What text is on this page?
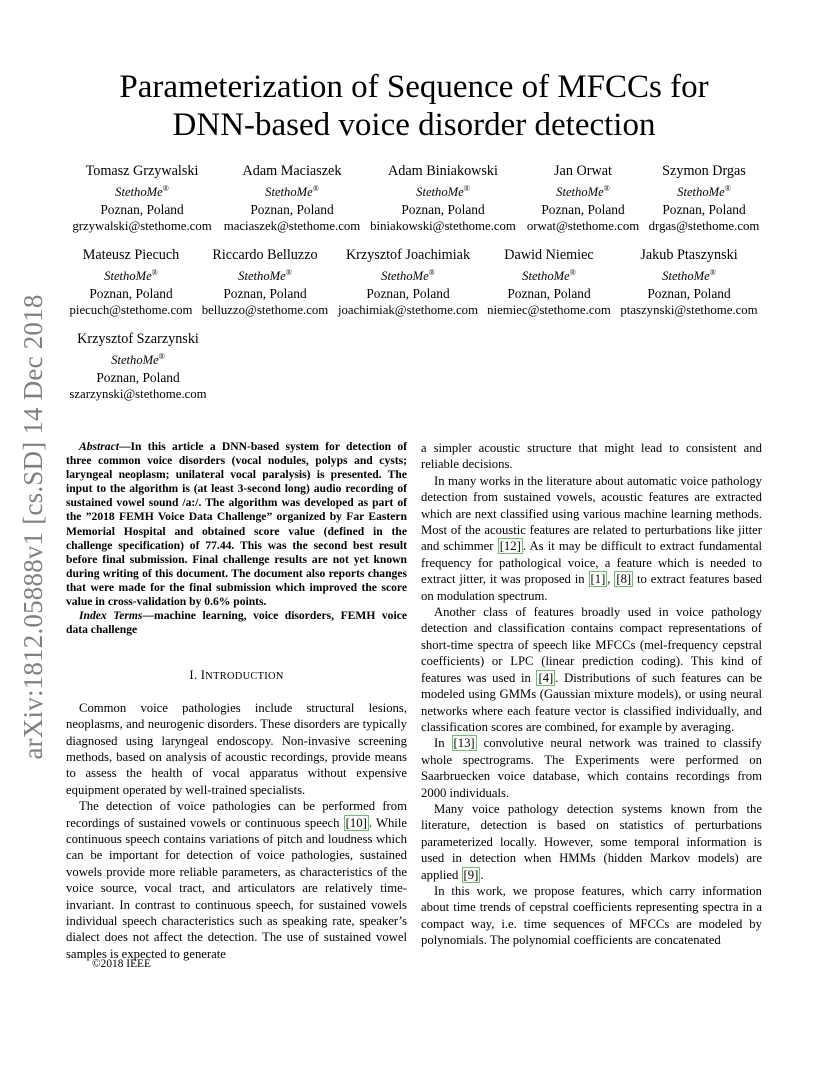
arXiv:1812.05888v1 [cs.SD] 14 Dec 2018
Parameterization of Sequence of MFCCs for
DNN-based voice disorder detection
Tomasz Grzywalski
StethoMe®
Poznan, Poland
grzywalski@stethome.com
Adam Maciaszek
StethoMe®
Poznan, Poland
maciaszek@stethome.com
Adam Biniakowski
StethoMe®
Poznan, Poland
biniakowski@stethome.com
Jan Orwat
StethoMe®
Poznan, Poland
orwat@stethome.com
Szymon Drgas
StethoMe®
Poznan, Poland
drgas@stethome.com
Mateusz Piecuch
StethoMe®
Poznan, Poland
piecuch@stethome.com
Riccardo Belluzzo
StethoMe®
Poznan, Poland
belluzzo@stethome.com
Krzysztof Joachimiak
StethoMe®
Poznan, Poland
joachimiak@stethome.com
Dawid Niemiec
StethoMe®
Poznan, Poland
niemiec@stethome.com
Jakub Ptaszynski
StethoMe®
Poznan, Poland
ptaszynski@stethome.com
Krzysztof Szarzynski
StethoMe®
Poznan, Poland
szarzynski@stethome.com

Abstract—In this article a DNN-based system for detection of three common voice disorders (vocal nodules, polyps and cysts; laryngeal neoplasm; unilateral vocal paralysis) is presented. The input to the algorithm is (at least 3-second long) audio recording of sustained vowel sound /a:/. The algorithm was developed as part of the ”2018 FEMH Voice Data Challenge” organized by Far Eastern Memorial Hospital and obtained score value (defined in the challenge specification) of 77.44. This was the second best result before final submission. Final challenge results are not yet known during writing of this document. The document also reports changes that were made for the final submission which improved the score value in cross-validation by 0.6% points.

Index Terms—machine learning, voice disorders, FEMH voice data challenge

I. INTRODUCTION

Common voice pathologies include structural lesions, neoplasms, and neurogenic disorders. These disorders are typically diagnosed using laryngeal endoscopy. Non-invasive screening methods, based on analysis of acoustic recordings, provide means to assess the health of vocal apparatus without expensive equipment operated by well-trained specialists.

The detection of voice pathologies can be performed from recordings of sustained vowels or continuous speech [10] . While continuous speech contains variations of pitch and loudness which can be important for detection of voice pathologies, sustained vowels provide more reliable parameters, as characteristics of the voice source, vocal tract, and articulators are relatively time-invariant. In contrast to continuous speech, for sustained vowels individual speech characteristics such as speaking rate, speaker’s dialect does not affect the detection. The use of sustained vowel samples is expected to generate

a simpler acoustic structure that might lead to consistent and reliable decisions.

In many works in the literature about automatic voice pathology detection from sustained vowels, acoustic features are extracted which are next classified using various machine learning methods. Most of the acoustic features are related to perturbations like jitter and schimmer [12] . As it may be difficult to extract fundamental frequency for pathological voice, a feature which is needed to extract jitter, it was proposed in [1] , [8] to extract features based on modulation spectrum.

Another class of features broadly used in voice pathology detection and classification contains compact representations of short-time spectra of speech like MFCCs (mel-frequency cepstral coefficients) or LPC (linear prediction coding). This kind of features was used in [4] . Distributions of such features can be modeled using GMMs (Gaussian mixture models), or using neural networks where each feature vector is classified individually, and classification scores are combined, for example by averaging.

In [13] convolutive neural network was trained to classify whole spectrograms. The Experiments were performed on Saarbruecken voice database, which contains recordings from 2000 individuals.

Many voice pathology detection systems known from the literature, detection is based on statistics of perturbations parameterized locally. However, some temporal information is used in detection when HMMs (hidden Markov models) are applied [9] .

In this work, we propose features, which carry information about time trends of cepstral coefficients representing spectra in a compact way, i.e. time sequences of MFCCs are modeled by polynomials. The polynomial coefficients are concatenated

©2018 IEEE
